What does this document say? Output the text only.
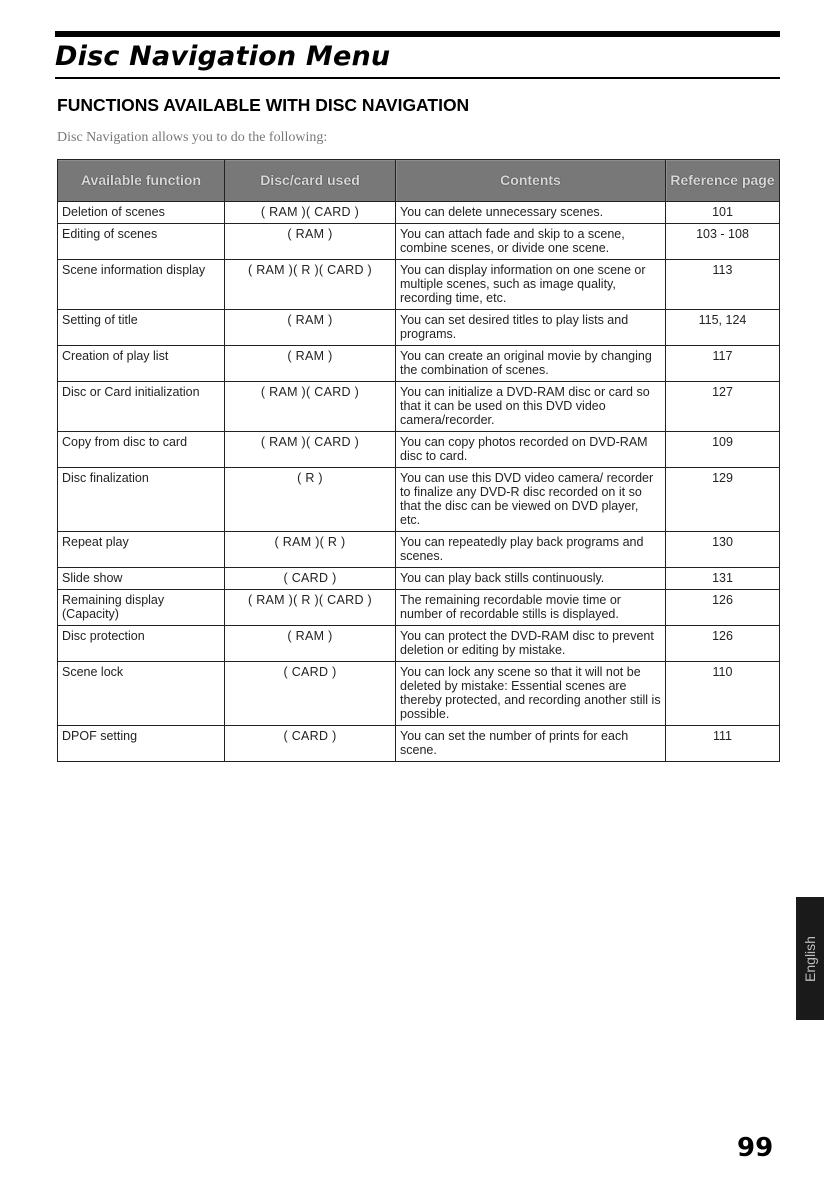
Disc Navigation Menu
FUNCTIONS AVAILABLE WITH DISC NAVIGATION
Disc Navigation allows you to do the following:
Available function	Disc/card used	Contents	Reference page
Deletion of scenes	( RAM )( CARD )	You can delete unnecessary scenes.	101
Editing of scenes	( RAM )	You can attach fade and skip to a scene, combine scenes, or divide one scene.	103 - 108
Scene information display	( RAM )( R )( CARD )	You can display information on one scene or multiple scenes, such as image quality, recording time, etc.	113
Setting of title	( RAM )	You can set desired titles to play lists and programs.	115, 124
Creation of play list	( RAM )	You can create an original movie by changing the combination of scenes.	117
Disc or Card initialization	( RAM )( CARD )	You can initialize a DVD-RAM disc or card so that it can be used on this DVD video camera/recorder.	127
Copy from disc to card	( RAM )( CARD )	You can copy photos recorded on DVD-RAM disc to card.	109
Disc finalization	( R )	You can use this DVD video camera/ recorder to finalize any DVD-R disc recorded on it so that the disc can be viewed on DVD player, etc.	129
Repeat play	( RAM )( R )	You can repeatedly play back programs and scenes.	130
Slide show	( CARD )	You can play back stills continuously.	131
Remaining display (Capacity)	( RAM )( R )( CARD )	The remaining recordable movie time or number of recordable stills is displayed.	126
Disc protection	( RAM )	You can protect the DVD-RAM disc to prevent deletion or editing by mistake.	126
Scene lock	( CARD )	You can lock any scene so that it will not be deleted by mistake: Essential scenes are thereby protected, and recording another still is possible.	110
DPOF setting	( CARD )	You can set the number of prints for each scene.	111
English
99
